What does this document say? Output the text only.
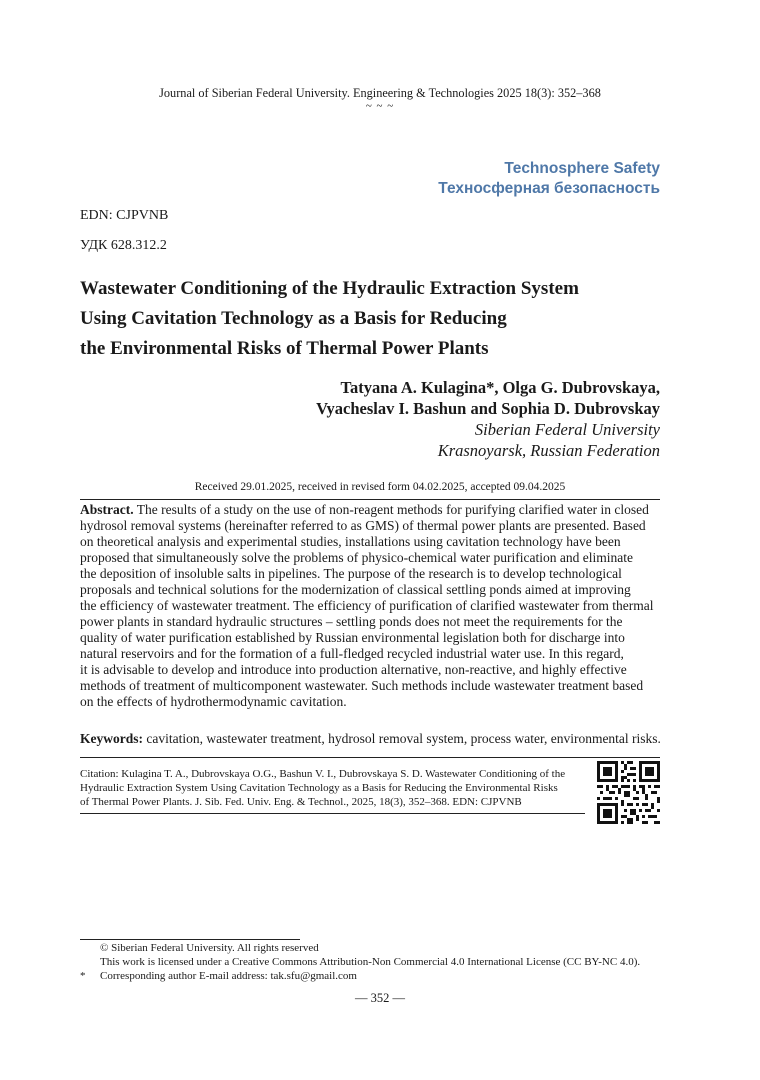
Journal of Siberian Federal University. Engineering & Technologies 2025 18(3): 352–368
~ ~ ~
Technosphere Safety
Техносферная безопасность
EDN: CJPVNB
УДК 628.312.2
Wastewater Conditioning of the Hydraulic Extraction System
Using Cavitation Technology as a Basis for Reducing
the Environmental Risks of Thermal Power Plants
Tatyana A. Kulagina*, Olga G. Dubrovskaya,
Vyacheslav I. Bashun and Sophia D. Dubrovskay
Siberian Federal University
Krasnoyarsk, Russian Federation
Received 29.01.2025, received in revised form 04.02.2025, accepted 09.04.2025
Abstract. The results of a study on the use of non-reagent methods for purifying clarified water in closed
hydrosol removal systems (hereinafter referred to as GMS) of thermal power plants are presented. Based
on theoretical analysis and experimental studies, installations using cavitation technology have been
proposed that simultaneously solve the problems of physico-chemical water purification and eliminate
the deposition of insoluble salts in pipelines. The purpose of the research is to develop technological
proposals and technical solutions for the modernization of classical settling ponds aimed at improving
the efficiency of wastewater treatment. The efficiency of purification of clarified wastewater from thermal
power plants in standard hydraulic structures – settling ponds does not meet the requirements for the
quality of water purification established by Russian environmental legislation both for discharge into
natural reservoirs and for the formation of a full-fledged recycled industrial water use. In this regard,
it is advisable to develop and introduce into production alternative, non-reactive, and highly effective
methods of treatment of multicomponent wastewater. Such methods include wastewater treatment based
on the effects of hydrothermodynamic cavitation.
Keywords: cavitation, wastewater treatment, hydrosol removal system, process water, environmental risks.
Citation: Kulagina T. A., Dubrovskaya O.G., Bashun V. I., Dubrovskaya S. D. Wastewater Conditioning of the
Hydraulic Extraction System Using Cavitation Technology as a Basis for Reducing the Environmental Risks
of Thermal Power Plants. J. Sib. Fed. Univ. Eng. & Technol., 2025, 18(3), 352–368. EDN: CJPVNB
© Siberian Federal University. All rights reserved
This work is licensed under a Creative Commons Attribution-Non Commercial 4.0 International License (CC BY-NC 4.0).
* Corresponding author E-mail address: tak.sfu@gmail.com
— 352 —
